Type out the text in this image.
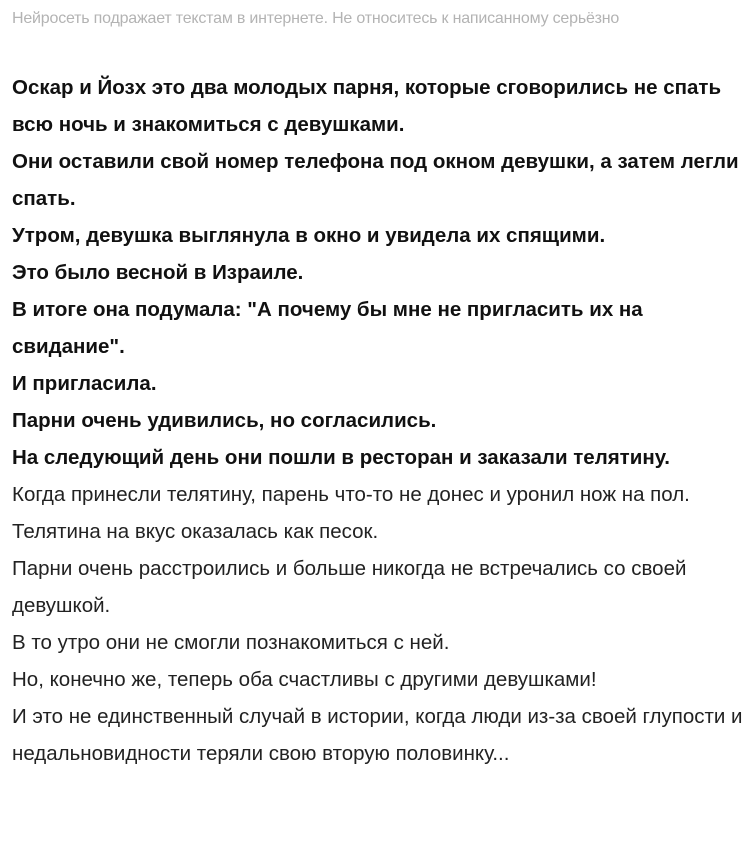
Нейросеть подражает текстам в интернете. Не относитесь к написанному серьёзно

Оскар и Йозх это два молодых парня, которые сговорились не спать всю ночь и знакомиться с девушками.

Они оставили свой номер телефона под окном девушки, а затем легли спать.

Утром, девушка выглянула в окно и увидела их спящими.

Это было весной в Израиле.

В итоге она подумала: "А почему бы мне не пригласить их на свидание".

И пригласила.

Парни очень удивились, но согласились.

На следующий день они пошли в ресторан и заказали телятину.

Когда принесли телятину, парень что-то не донес и уронил нож на пол.

Телятина на вкус оказалась как песок.

Парни очень расстроились и больше никогда не встречались со своей девушкой.

В то утро они не смогли познакомиться с ней.

Но, конечно же, теперь оба счастливы с другими девушками!

И это не единственный случай в истории, когда люди из-за своей глупости и недальновидности теряли свою вторую половинку...
